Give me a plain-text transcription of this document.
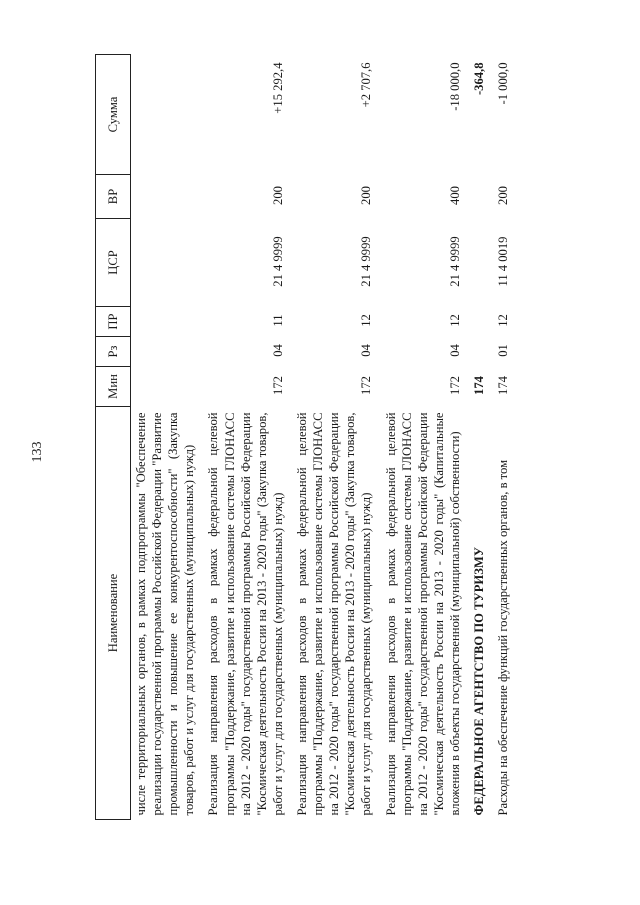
133
Наименование	Мин	Рз	ПР	ЦСР	ВР	Сумма
числе территориальных органов, в рамках подпрограммы "Обеспечение реализации государственной программы Российской Федерации "Развитие промышленности и повышение ее конкурентоспособности" (Закупка товаров, работ и услуг для государственных (муниципальных) нужд)						
Реализация направления расходов в рамках федеральной целевой программы "Поддержание, развитие и использование системы ГЛОНАСС на 2012 - 2020 годы" государственной программы Российской Федерации "Космическая деятельность России на 2013 - 2020 годы" (Закупка товаров, работ и услуг для государственных (муниципальных) нужд)	172	04	11	21 4 9999	200	+15 292,4
Реализация направления расходов в рамках федеральной целевой программы "Поддержание, развитие и использование системы ГЛОНАСС на 2012 - 2020 годы" государственной программы Российской Федерации "Космическая деятельность России на 2013 - 2020 годы" (Закупка товаров, работ и услуг для государственных (муниципальных) нужд)	172	04	12	21 4 9999	200	+2 707,6
Реализация направления расходов в рамках федеральной целевой программы "Поддержание, развитие и использование системы ГЛОНАСС на 2012 - 2020 годы" государственной программы Российской Федерации "Космическая деятельность России на 2013 - 2020 годы" (Капитальные вложения в объекты государственной (муниципальной) собственности)	172	04	12	21 4 9999	400	-18 000,0
ФЕДЕРАЛЬНОЕ АГЕНТСТВО ПО ТУРИЗМУ	174					-364,8
Расходы на обеспечение функций государственных органов, в том	174	01	12	11 4 0019	200	-1 000,0
